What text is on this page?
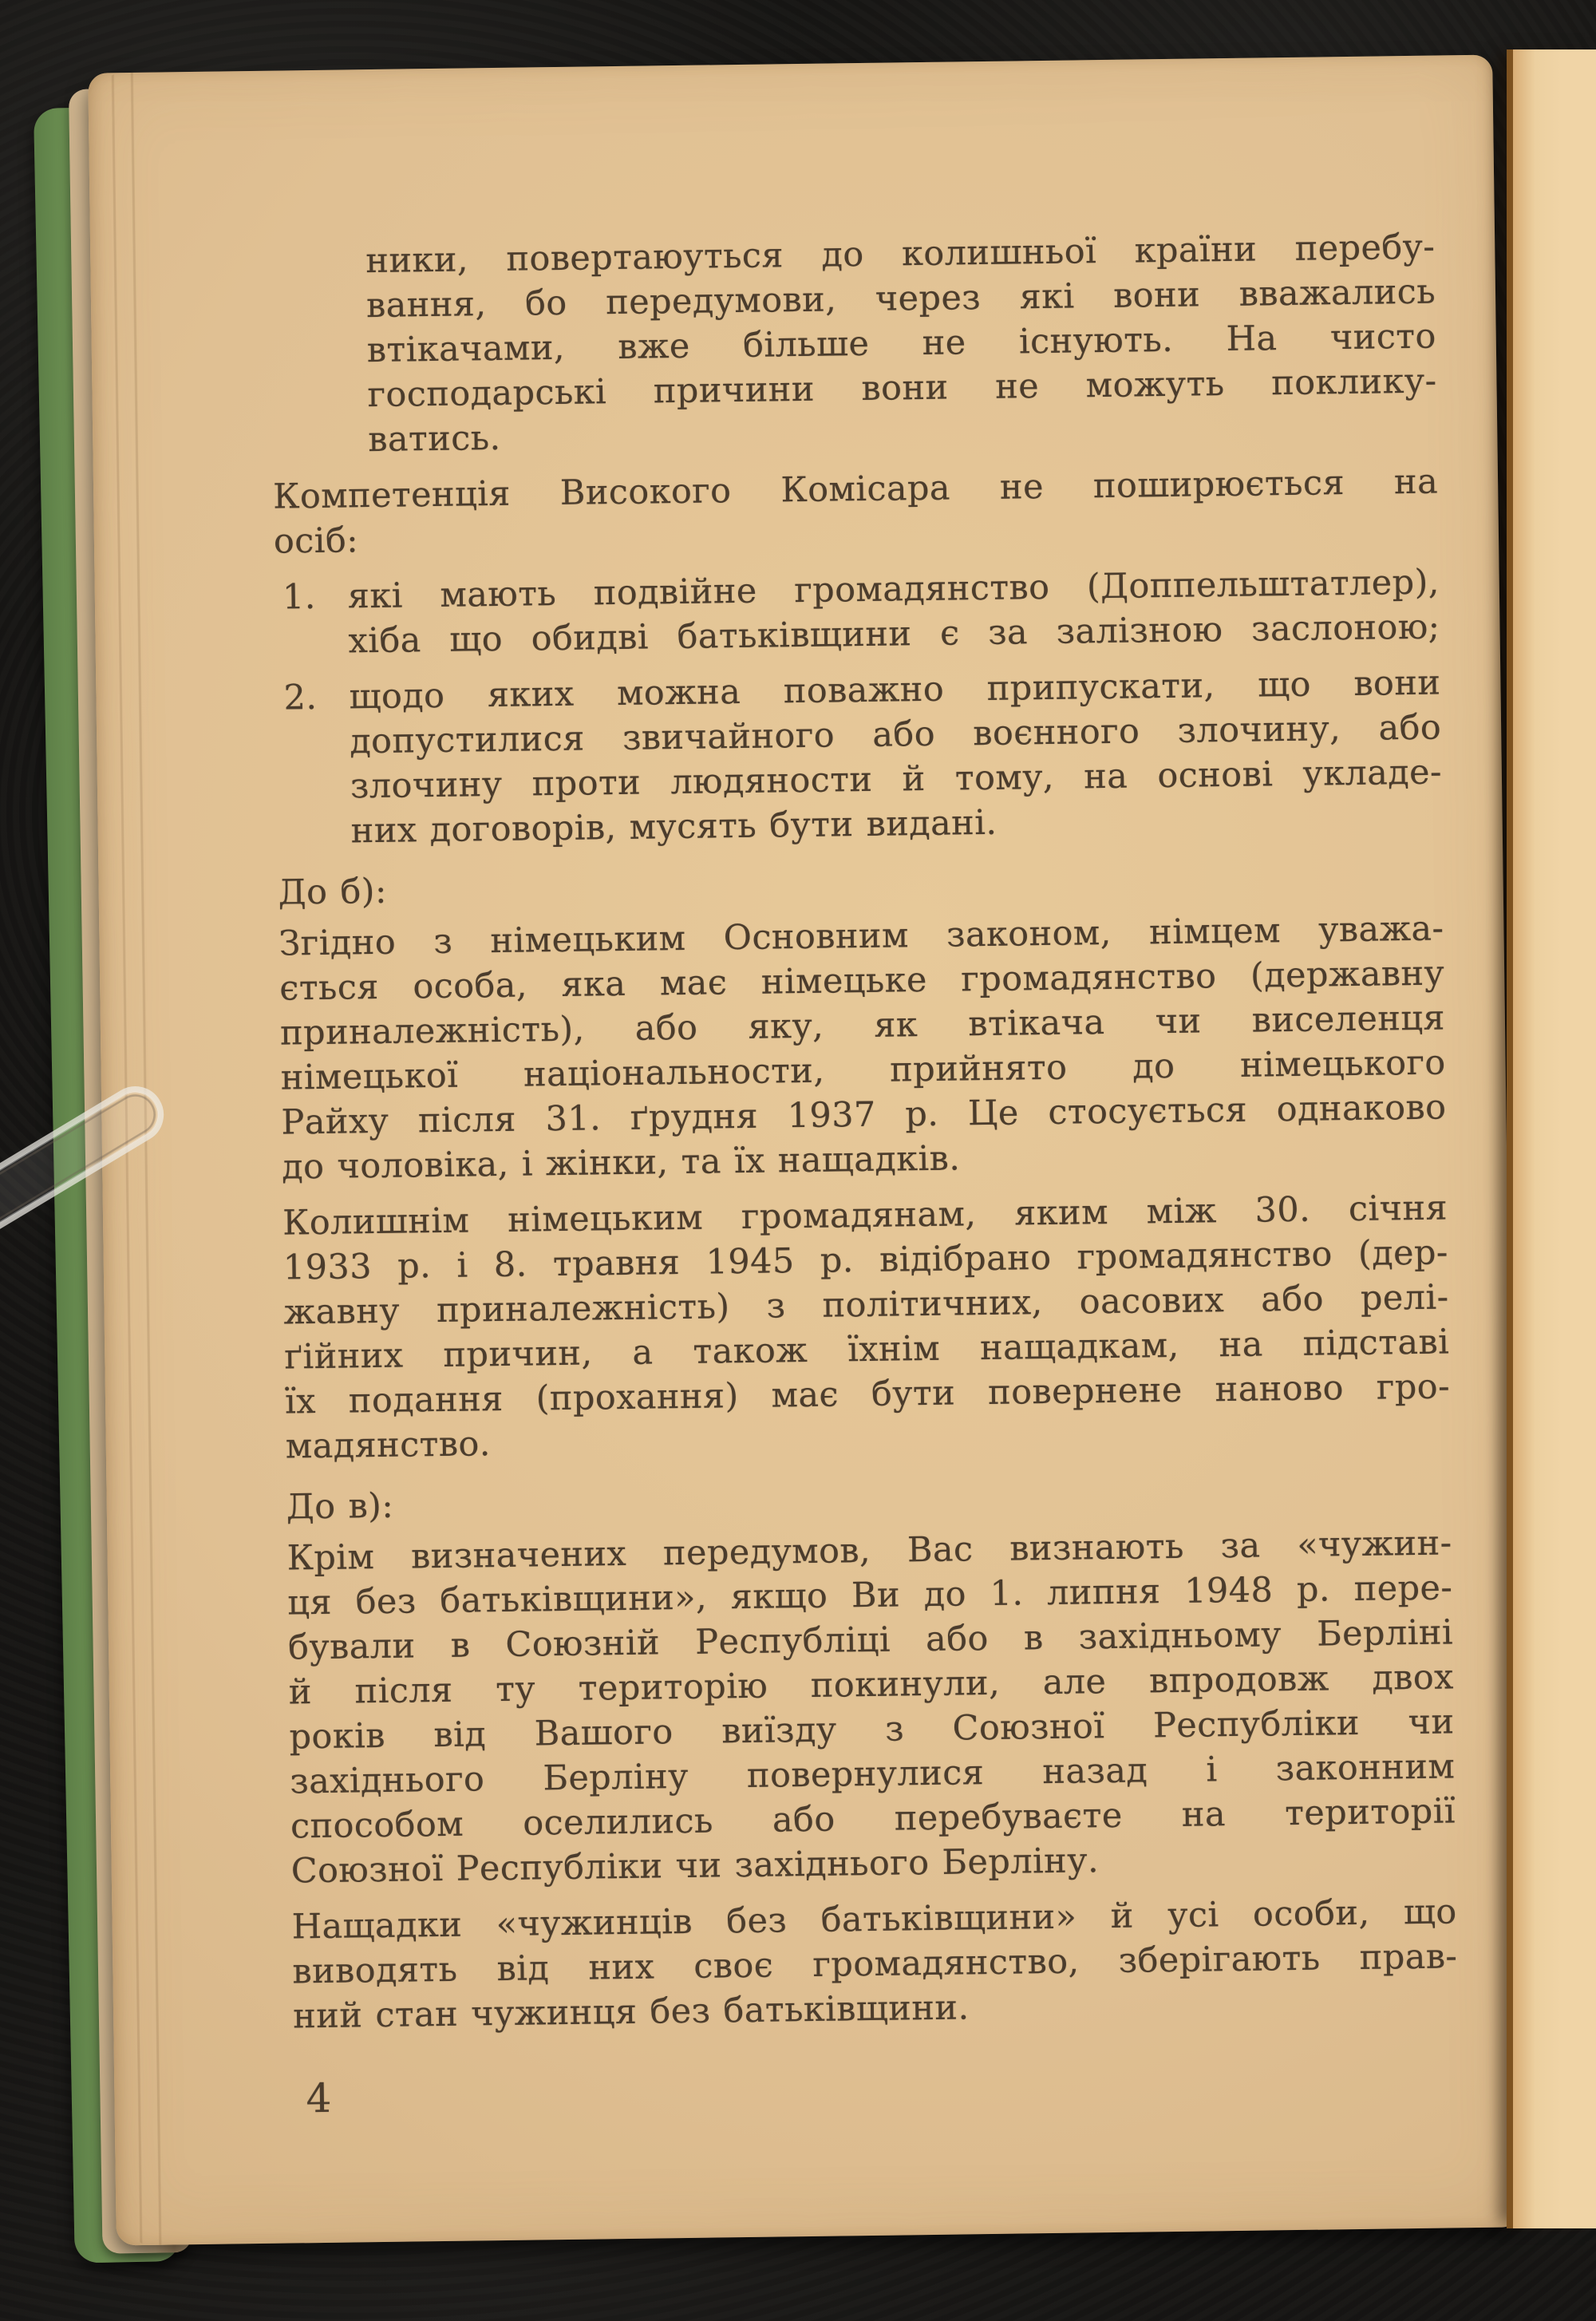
ники, повертаюуться до колишньої країни перебу-
вання, бо передумови, через які вони вважались
втікачами, вже більше не існують. На чисто
господарські причини вони не можуть поклику-
ватись.
Компетенція Високого Комісара не поширюється на
осіб:
1. які мають подвійне громадянство (Доппельштатлер),
хіба що обидві батьківщини є за залізною заслоною;
2. щодо яких можна поважно припускати, що вони
допустилися звичайного або воєнного злочину, або
злочину проти людяности й тому, на основі укладе-
них договорів, мусять бути видані.
До б):
Згідно з німецьким Основним законом, німцем уважа-
ється особа, яка має німецьке громадянство (державну
приналежність), або яку, як втікача чи виселенця
німецької національности, прийнято до німецького
Райху після 31. ґрудня 1937 р. Це стосується однаково
до чоловіка, і жінки, та їх нащадків.
Колишнім німецьким громадянам, яким між 30. січня
1933 р. і 8. травня 1945 р. відібрано громадянство (дер-
жавну приналежність) з політичних, оасових або релі-
ґійних причин, а також їхнім нащадкам, на підставі
їх подання (прохання) має бути повернене наново гро-
мадянство.
До в):
Крім визначених передумов, Вас визнають за «чужин-
ця без батьківщини», якщо Ви до 1. липня 1948 р. пере-
бували в Союзній Республіці або в західньому Берліні
й після ту територію покинули, але впродовж двох
років від Вашого виїзду з Союзної Республіки чи
західнього Берліну повернулися назад і законним
способом оселились або перебуваєте на території
Союзної Республіки чи західнього Берліну.
Нащадки «чужинців без батьківщини» й усі особи, що
виводять від них своє громадянство, зберігають прав-
ний стан чужинця без батьківщини.
4
